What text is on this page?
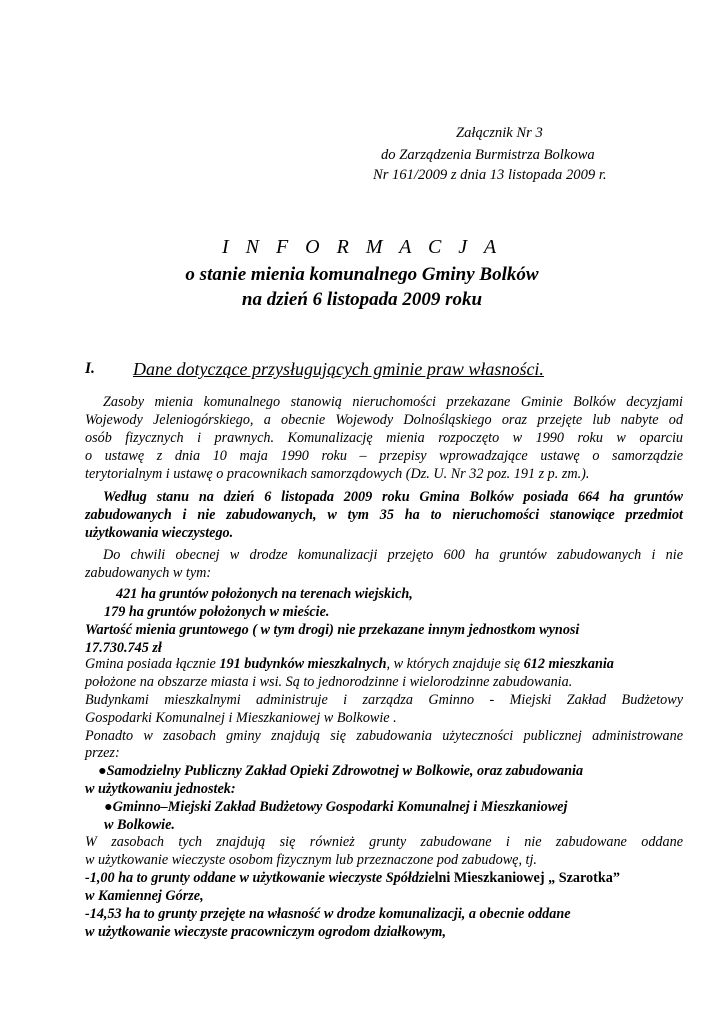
Załącznik Nr 3
do Zarządzenia Burmistrza Bolkowa
Nr 161/2009 z dnia 13 listopada 2009 r.
I N F O R M A C J A
o stanie mienia komunalnego Gminy Bolków
na dzień 6 listopada 2009 roku
I. Dane dotyczące przysługujących gminie praw własności.
Zasoby mienia komunalnego stanowią nieruchomości przekazane Gminie Bolków decyzjami
Wojewody Jeleniogórskiego, a obecnie Wojewody Dolnośląskiego oraz przejęte lub nabyte od
osób fizycznych i prawnych. Komunalizację mienia rozpoczęto w 1990 roku w oparciu
o ustawę z dnia 10 maja 1990 roku – przepisy wprowadzające ustawę o samorządzie
terytorialnym i ustawę o pracownikach samorządowych (Dz. U. Nr 32 poz. 191 z p. zm.).
Według stanu na dzień 6 listopada 2009 roku Gmina Bolków posiada 664 ha gruntów
zabudowanych i nie zabudowanych, w tym 35 ha to nieruchomości stanowiące przedmiot
użytkowania wieczystego.
Do chwili obecnej w drodze komunalizacji przejęto 600 ha gruntów zabudowanych i nie
zabudowanych w tym:
421 ha gruntów położonych na terenach wiejskich,
179 ha gruntów położonych w mieście.
Wartość mienia gruntowego ( w tym drogi) nie przekazane innym jednostkom wynosi
17.730.745 zł
Gmina posiada łącznie 191 budynków mieszkalnych, w których znajduje się 612 mieszkania
położone na obszarze miasta i wsi. Są to jednorodzinne i wielorodzinne zabudowania.
Budynkami mieszkalnymi administruje i zarządza Gminno - Miejski Zakład Budżetowy
Gospodarki Komunalnej i Mieszkaniowej w Bolkowie .
Ponadto w zasobach gminy znajdują się zabudowania użyteczności publicznej administrowane
przez:
●Samodzielny Publiczny Zakład Opieki Zdrowotnej w Bolkowie, oraz zabudowania
w użytkowaniu jednostek:
●Gminno–Miejski Zakład Budżetowy Gospodarki Komunalnej i Mieszkaniowej
w Bolkowie.
W zasobach tych znajdują się również grunty zabudowane i nie zabudowane oddane
w użytkowanie wieczyste osobom fizycznym lub przeznaczone pod zabudowę, tj.
-1,00 ha to grunty oddane w użytkowanie wieczyste Spółdzielni Mieszkaniowej „ Szarotka”
w Kamiennej Górze,
-14,53 ha to grunty przejęte na własność w drodze komunalizacji, a obecnie oddane
w użytkowanie wieczyste pracowniczym ogrodom działkowym,
